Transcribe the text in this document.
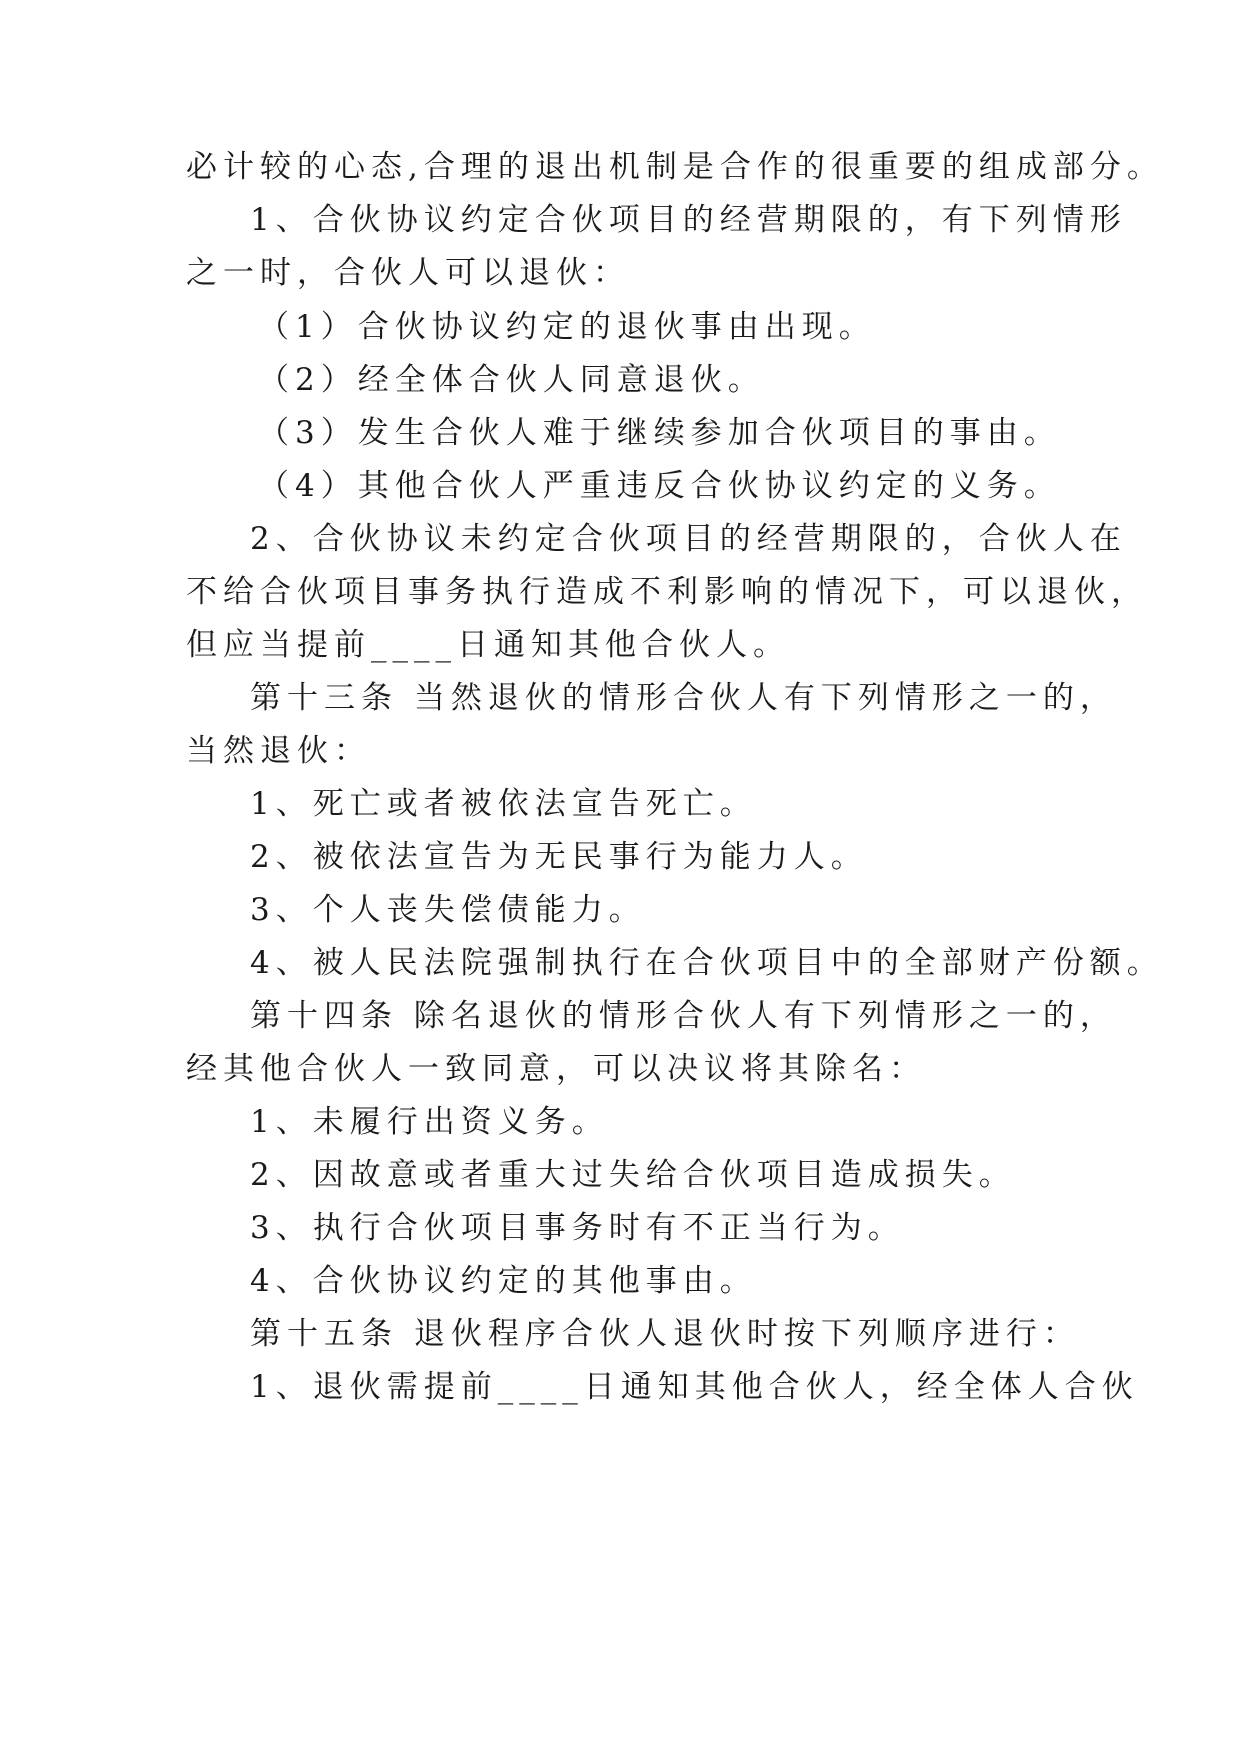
必计较的心态,合理的退出机制是合作的很重要的组成部分。
1、合伙协议约定合伙项目的经营期限的，有下列情形
之一时，合伙人可以退伙：
（1）合伙协议约定的退伙事由出现。
（2）经全体合伙人同意退伙。
（3）发生合伙人难于继续参加合伙项目的事由。
（4）其他合伙人严重违反合伙协议约定的义务。
2、合伙协议未约定合伙项目的经营期限的，合伙人在
不给合伙项目事务执行造成不利影响的情况下，可以退伙，
但应当提前____日通知其他合伙人。
第十三条 当然退伙的情形合伙人有下列情形之一的，
当然退伙：
1、死亡或者被依法宣告死亡。
2、被依法宣告为无民事行为能力人。
3、个人丧失偿债能力。
4、被人民法院强制执行在合伙项目中的全部财产份额。
第十四条 除名退伙的情形合伙人有下列情形之一的，
经其他合伙人一致同意，可以决议将其除名：
1、未履行出资义务。
2、因故意或者重大过失给合伙项目造成损失。
3、执行合伙项目事务时有不正当行为。
4、合伙协议约定的其他事由。
第十五条 退伙程序合伙人退伙时按下列顺序进行：
1、退伙需提前____日通知其他合伙人，经全体人合伙
